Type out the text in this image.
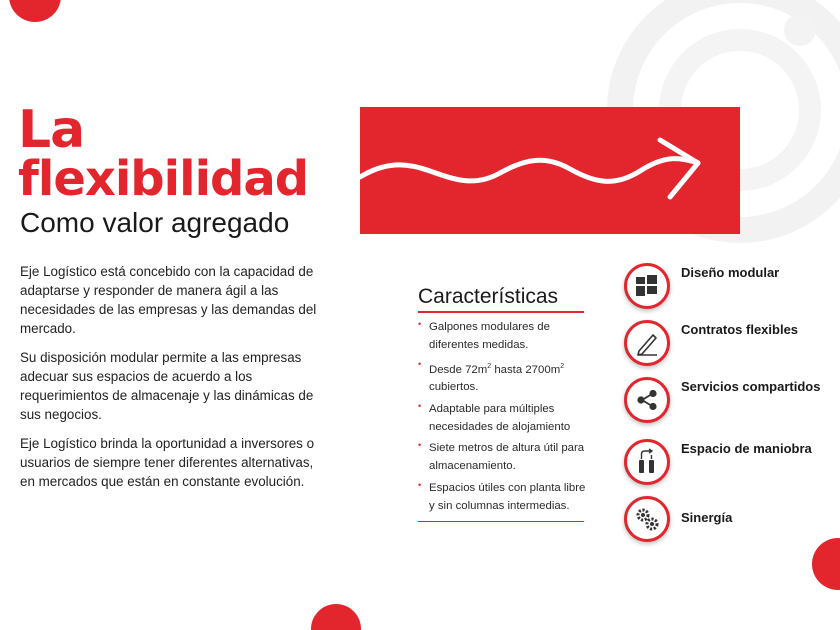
La
flexibilidad
Como valor agregado

Eje Logístico está concebido con la capacidad de adaptarse y responder de manera ágil a las necesidades de las empresas y las demandas del mercado.

Su disposición modular permite a las empresas adecuar sus espacios de acuerdo a los requerimientos de almacenaje y las dinámicas de sus negocios.

Eje Logístico brinda la oportunidad a inversores o usuarios de siempre tener diferentes alternativas, en mercados que están en constante evolución.

Características
• Galpones modulares de diferentes medidas.
• Desde $72m^2$ hasta $2700m^2$ cubiertos.
• Adaptable para múltiples necesidades de alojamiento
• Siete metros de altura útil para almacenamiento.
• Espacios útiles con planta libre y sin columnas intermedias.
Diseño modular
Contratos flexibles
Servicios compartidos
Espacio de maniobra
Sinergía
